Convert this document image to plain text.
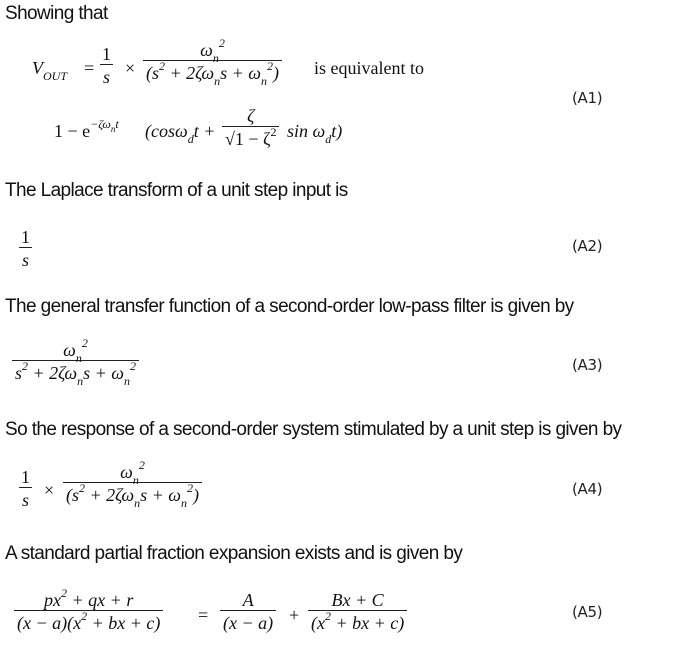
Showing that
$V_{OUT} = \frac{1}{s}$ ×
$\omega_n^2$
$(s^2 + 2\zeta\omega_ns + \omega_n^2)$ is equivalent to
$1 - e^{-\zeta\omega_nt}$ ($\cos\omega_dt + \frac{\zeta}{√1 - \zeta^2}$ $\sin \omega_dt$)
(A1)
The Laplace transform of a unit step input is
$\frac{1}{s}$	(A2)
The general transfer function of a second-order low-pass filter is given by
$\omega_n^2$
$s^2 + 2\zeta\omega_ns + \omega_n^2$	(A3)
So the response of a second-order system stimulated by a unit step is given by
$\frac{1}{s}$ ×
$\omega_n^2$
$(s^2 + 2\zeta\omega_ns + \omega_n^2)$	(A4)
A standard partial fraction expansion exists and is given by
$\frac{px^2 + qx + r}{(x - a)(x^2 + bx + c)} = \frac{A}{(x - a)} + \frac{Bx + C}{(x^2 + bx + c)}$	(A5)
